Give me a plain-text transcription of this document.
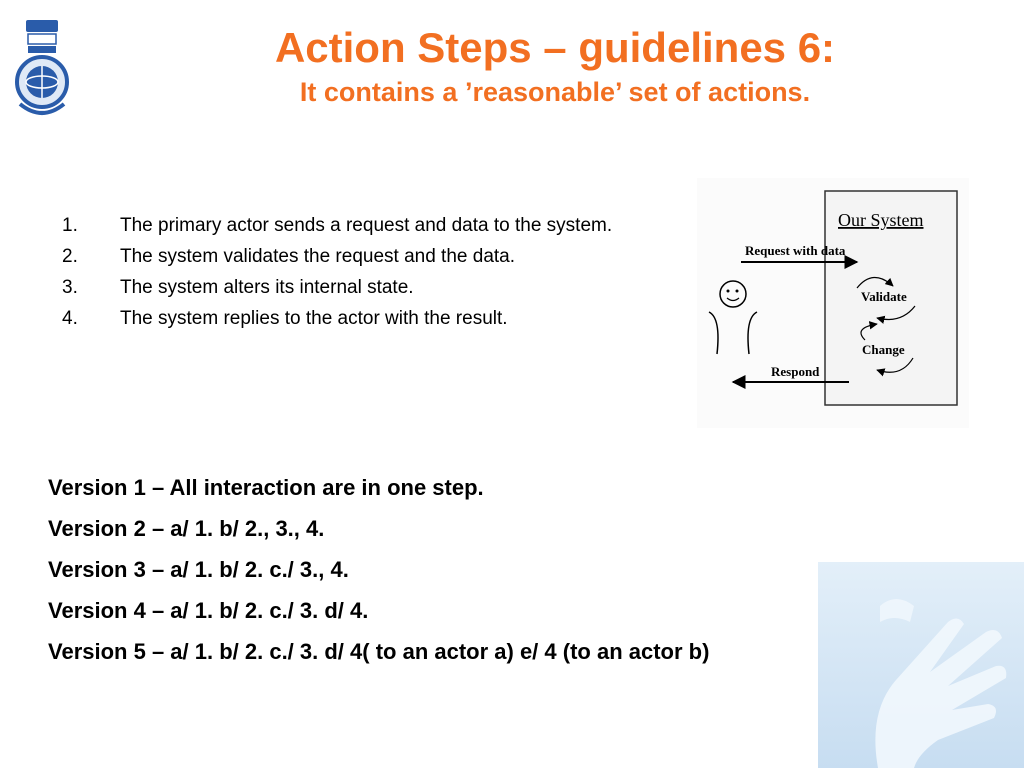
Action Steps – guidelines 6:
It contains a ’reasonable’ set of actions.
1.	The primary actor sends a request and data to the system.
2.	The system validates the request and the data.
3.	The system alters its internal state.
4.	The system replies to the actor with the result.
Our System
Request with data
Validate
Change
Respond
Version 1 – All interaction are in one step.
Version 2 – a/ 1. b/ 2., 3., 4.
Version 3 – a/ 1. b/ 2. c./ 3., 4.
Version 4 – a/ 1. b/ 2. c./ 3. d/ 4.
Version 5 – a/ 1. b/ 2. c./ 3. d/ 4( to an actor a) e/ 4 (to an actor b)
